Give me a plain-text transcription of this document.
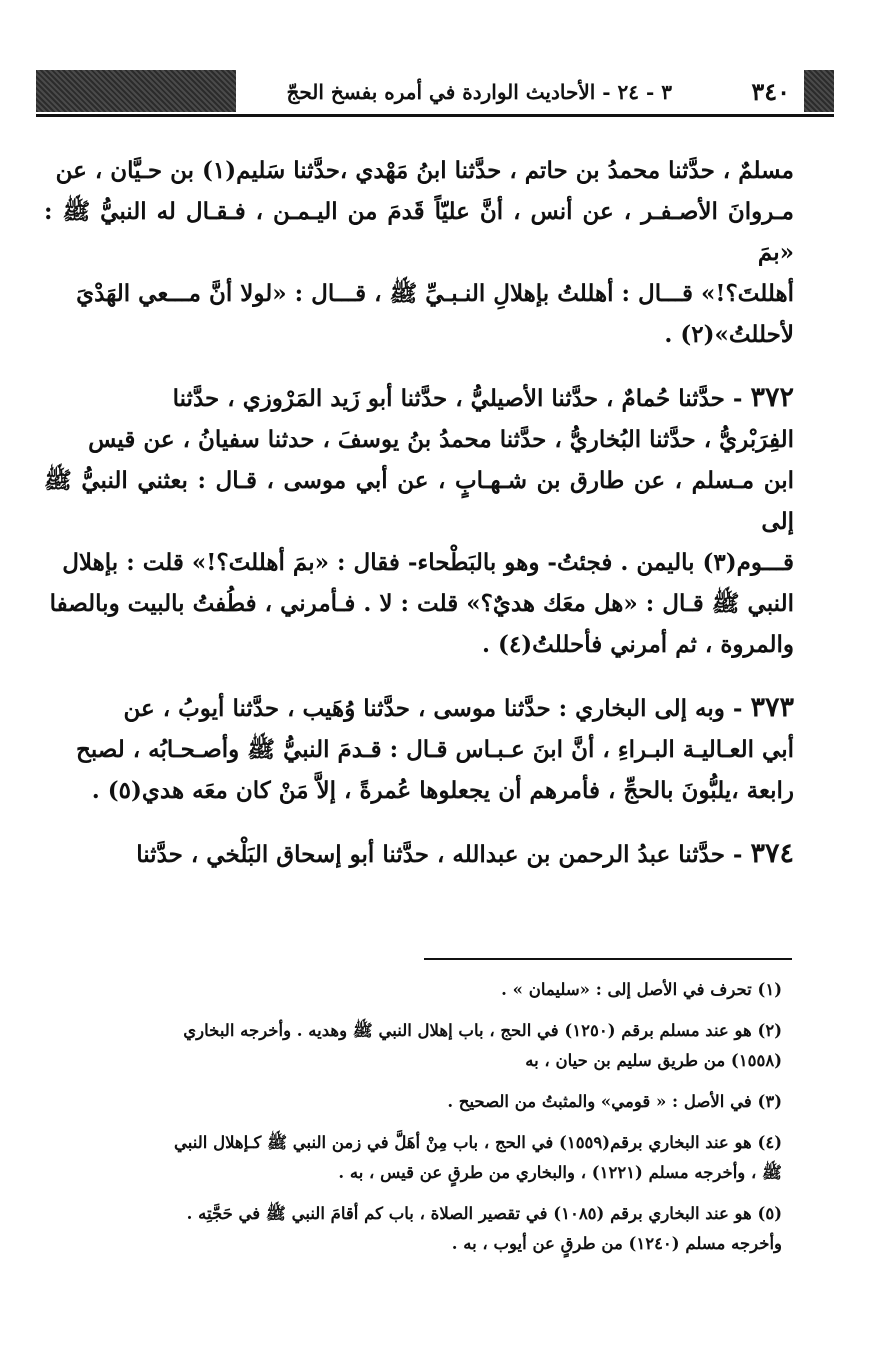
٣ - ٢٤ - الأحاديث الواردة في أمره بفسخ الحجّ	٣٤٠

مسلمٌ ، حدَّثنا محمدُ بن حاتم ، حدَّثنا ابنُ مَهْدي ،حدَّثنا سَليم(١) بن حـيَّان ، عن

مـروانَ الأصـفـر ، عن أنس ، أنَّ عليّاً قَدمَ من اليـمـن ، فـقـال له النبيُّ ﷺ : «بمَ

أهللتَ؟!» قـــال : أهللتُ بإهلالِ النـبـيِّ ﷺ ، قـــال : «لولا أنَّ مـــعي الهَدْيَ

لأحللتُ»(٢) .

٣٧٢ - حدَّثنا حُمامٌ ، حدَّثنا الأصيليُّ ، حدَّثنا أبو زَيد المَرْوزي ، حدَّثنا

الفِرَبْريُّ ، حدَّثنا البُخاريُّ ، حدَّثنا محمدُ بنُ يوسفَ ، حدثنا سفيانُ ، عن قيس

ابن مـسلم ، عن طارق بن شـهـابٍ ، عن أبي موسى ، قـال : بعثني النبيُّ ﷺ إلى

قـــوم(٣) باليمن . فجئتُ- وهو بالبَطْحاء- فقال : «بمَ أهللتَ؟!» قلت : بإهلال

النبي ﷺ قـال : «هل معَك هديٌ؟» قلت : لا . فـأمرني ، فطُفتُ بالبيت وبالصفا

والمروة ، ثم أمرني فأحللتُ(٤) .

٣٧٣ - وبه إلى البخاري : حدَّثنا موسى ، حدَّثنا وُهَيب ، حدَّثنا أيوبُ ، عن

أبي العـاليـة البـراءِ ، أنَّ ابنَ عـبـاس قـال : قـدمَ النبيُّ ﷺ وأصـحـابُه ، لصبح

رابعة ،يلبُّونَ بالحجِّ ، فأمرهم أن يجعلوها عُمرةً ، إلاَّ مَنْ كان معَه هدي(٥) .

٣٧٤ - حدَّثنا عبدُ الرحمن بن عبدالله ، حدَّثنا أبو إسحاق البَلْخي ، حدَّثنا

(١) تحرف في الأصل إلى : «سليمان » .

(٢) هو عند مسلم برقم (١٢٥٠) في الحج ، باب إهلال النبي ﷺ وهديه . وأخرجه البخاري

(١٥٥٨) من طريق سليم بن حيان ، به

(٣) في الأصل : « قومي» والمثبتُ من الصحيح .

(٤) هو عند البخاري برقم(١٥٥٩) في الحج ، باب مِنْ أهَلَّ في زمن النبي ﷺ كـإهلال النبي

ﷺ ، وأخرجه مسلم (١٢٢١) ، والبخاري من طرقٍ عن قيس ، به .

(٥) هو عند البخاري برقم (١٠٨٥) في تقصير الصلاة ، باب كم أقامَ النبي ﷺ في حَجَّتِه .

وأخرجه مسلم (١٢٤٠) من طرقٍ عن أيوب ، به .
